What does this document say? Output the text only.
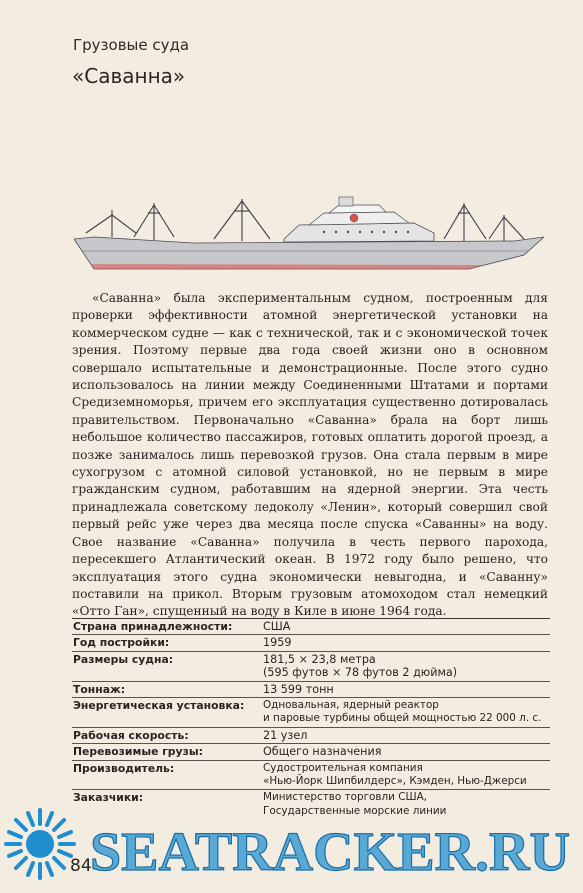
Грузовые суда
«Саванна»

«Саванна» была экспериментальным судном, построенным для проверки эффективности атомной энергетической установки на коммерческом судне — как с технической, так и с экономической точек зрения. Поэтому первые два года своей жизни оно в основном совершало испытательные и демонстрационные. После этого судно использовалось на линии между Соединенными Штатами и портами Средиземноморья, причем его эксплуатация существенно дотировалась правительством. Первоначально «Саванна» брала на борт лишь небольшое количество пассажиров, готовых оплатить дорогой проезд, а позже занималось лишь перевозкой грузов. Она стала первым в мире сухогрузом с атомной силовой установкой, но не первым в мире гражданским судном, работавшим на ядерной энергии. Эта честь принадлежала советскому ледоколу «Ленин», который совершил свой первый рейс уже через два месяца после спуска «Саванны» на воду. Свое название «Саванна» получила в честь первого парохода, пересекшего Атлантический океан. В 1972 году было решено, что эксплуатация этого судна экономически невыгодна, и «Саванну» поставили на прикол. Вторым грузовым атомоходом стал немецкий «Отто Ган», спущенный на воду в Киле в июне 1964 года.

Страна принадлежности:	США
Год постройки:	1959
Размеры судна:	181,5 × 23,8 метра
(595 футов × 78 футов 2 дюйма)
Тоннаж:	13 599 тонн
Энергетическая установка:	Одновальная, ядерный реактор
и паровые турбины общей мощностью 22 000 л. с.
Рабочая скорость:	21 узел
Перевозимые грузы:	Общего назначения
Производитель:	Судостроительная компания
«Нью-Йорк Шипбилдерс», Кэмден, Нью-Джерси
Заказчики:	Министерство торговли США,
Государственные морские линии
SEATRACKER.RU
84
